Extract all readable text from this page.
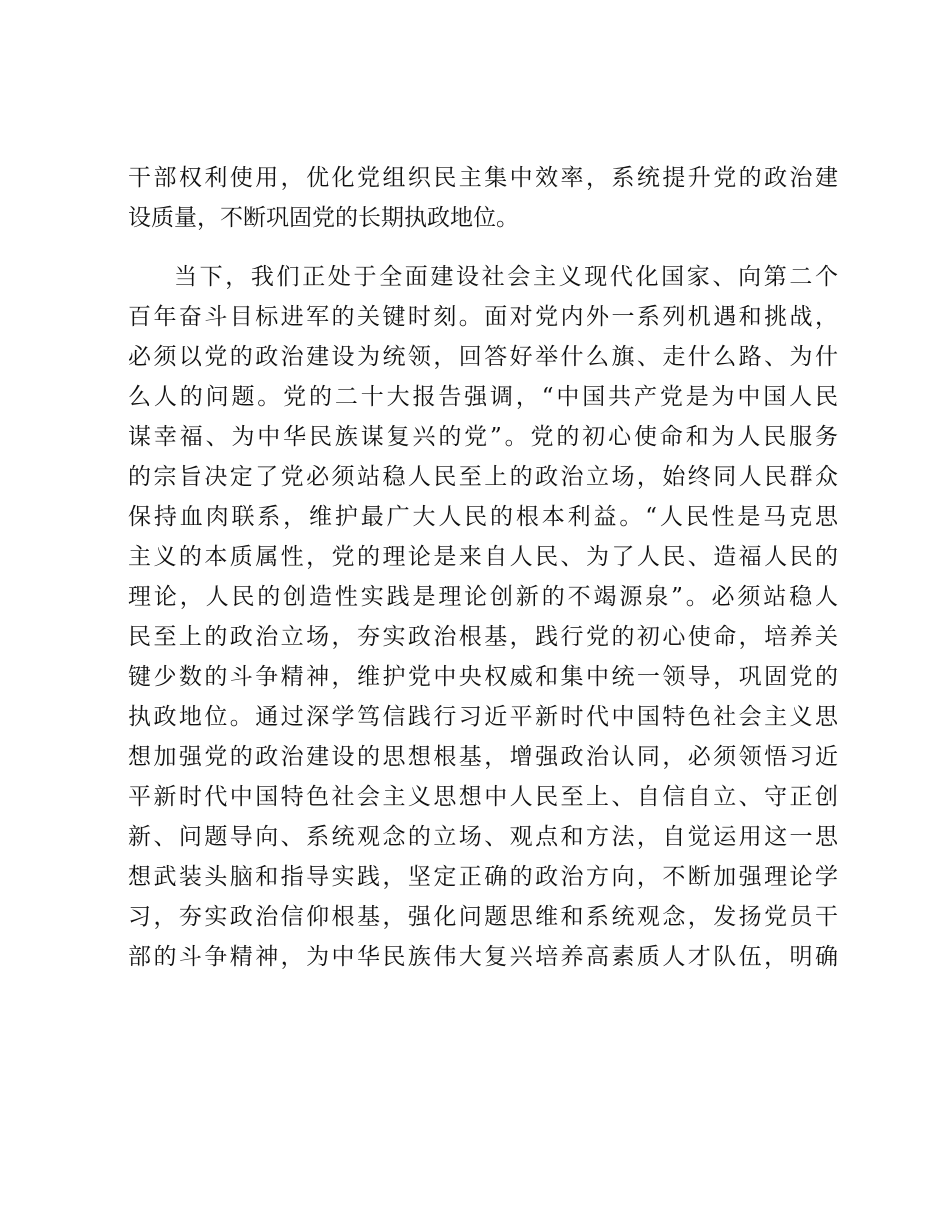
干部权利使用，优化党组织民主集中效率，系统提升党的政治建
设质量，不断巩固党的长期执政地位。
当下，我们正处于全面建设社会主义现代化国家、向第二个
百年奋斗目标进军的关键时刻。面对党内外一系列机遇和挑战，
必须以党的政治建设为统领，回答好举什么旗、走什么路、为什
么人的问题。党的二十大报告强调，“中国共产党是为中国人民
谋幸福、为中华民族谋复兴的党”。党的初心使命和为人民服务
的宗旨决定了党必须站稳人民至上的政治立场，始终同人民群众
保持血肉联系，维护最广大人民的根本利益。“人民性是马克思
主义的本质属性，党的理论是来自人民、为了人民、造福人民的
理论，人民的创造性实践是理论创新的不竭源泉”。必须站稳人
民至上的政治立场，夯实政治根基，践行党的初心使命，培养关
键少数的斗争精神，维护党中央权威和集中统一领导，巩固党的
执政地位。通过深学笃信践行习近平新时代中国特色社会主义思
想加强党的政治建设的思想根基，增强政治认同，必须领悟习近
平新时代中国特色社会主义思想中人民至上、自信自立、守正创
新、问题导向、系统观念的立场、观点和方法，自觉运用这一思
想武装头脑和指导实践，坚定正确的政治方向，不断加强理论学
习，夯实政治信仰根基，强化问题思维和系统观念，发扬党员干
部的斗争精神，为中华民族伟大复兴培养高素质人才队伍，明确
